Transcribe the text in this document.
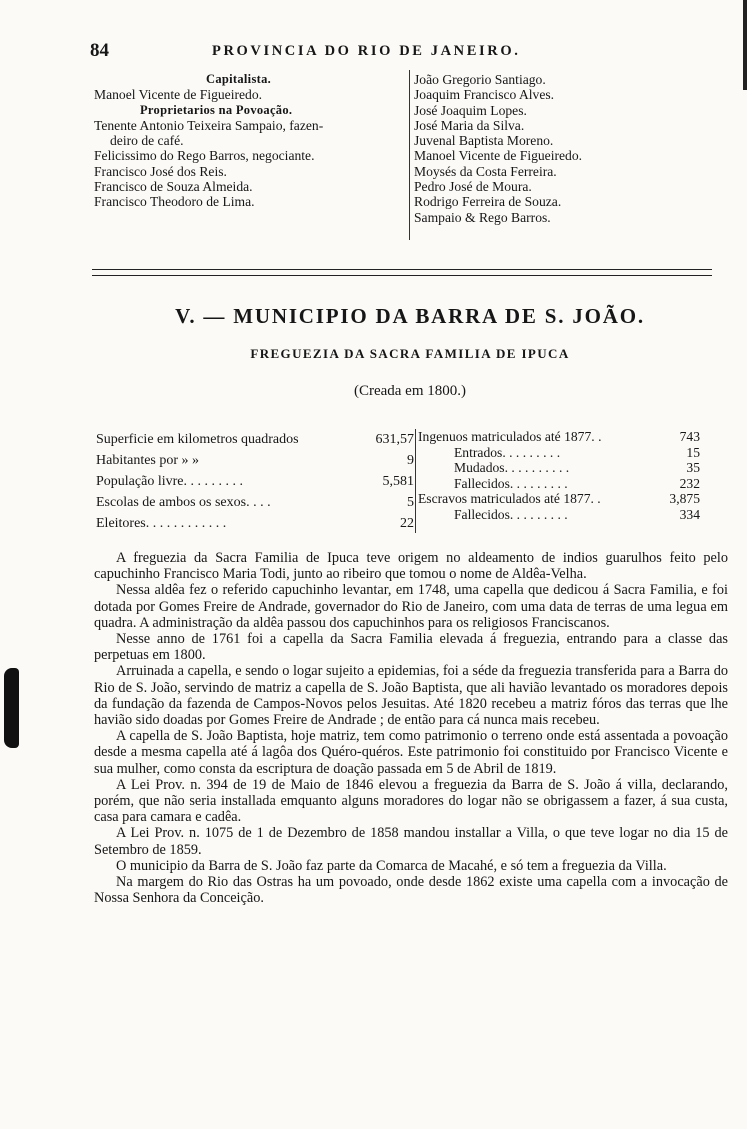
84	PROVINCIA DO RIO DE JANEIRO.
Capitalista.
Manoel Vicente de Figueiredo.
Proprietarios na Povoação.
Tenente Antonio Teixeira Sampaio, fazen-
deiro de café.
Felicissimo do Rego Barros, negociante.
Francisco José dos Reis.
Francisco de Souza Almeida.
Francisco Theodoro de Lima.
João Gregorio Santiago.
Joaquim Francisco Alves.
José Joaquim Lopes.
José Maria da Silva.
Juvenal Baptista Moreno.
Manoel Vicente de Figueiredo.
Moysés da Costa Ferreira.
Pedro José de Moura.
Rodrigo Ferreira de Souza.
Sampaio & Rego Barros.
V. — MUNICIPIO DA BARRA DE S. JOÃO.
FREGUEZIA DA SACRA FAMILIA DE IPUCA
(Creada em 1800.)
Superficie em kilometros quadrados	631,57
Habitantes por » »	9
População livre. . . . . . . . .	5,581
Escolas de ambos os sexos. . . .	5
Eleitores. . . . . . . . . . . .	22
Ingenuos matriculados até 1877. .	743
Entrados. . . . . . . . .	15
Mudados. . . . . . . . . .	35
Fallecidos. . . . . . . . .	232
Escravos matriculados até 1877. .	3,875
Fallecidos. . . . . . . . .	334

A freguezia da Sacra Familia de Ipuca teve origem no aldeamento de indios guarulhos feito pelo capuchinho Francisco Maria Todi, junto ao ribeiro que tomou o nome de Aldêa-Velha.

Nessa aldêa fez o referido capuchinho levantar, em 1748, uma capella que dedicou á Sacra Familia, e foi dotada por Gomes Freire de Andrade, governador do Rio de Janeiro, com uma data de terras de uma legua em quadra. A administração da aldêa passou dos capuchinhos para os religiosos Franciscanos.

Nesse anno de 1761 foi a capella da Sacra Familia elevada á freguezia, entrando para a classe das perpetuas em 1800.

Arruinada a capella, e sendo o logar sujeito a epidemias, foi a séde da freguezia transferida para a Barra do Rio de S. João, servindo de matriz a capella de S. João Baptista, que ali havião levantado os moradores depois da fundação da fazenda de Campos-Novos pelos Jesuitas. Até 1820 recebeu a matriz fóros das terras que lhe havião sido doadas por Gomes Freire de Andrade ; de então para cá nunca mais recebeu.

A capella de S. João Baptista, hoje matriz, tem como patrimonio o terreno onde está assentada a povoação desde a mesma capella até á lagôa dos Quéro-quéros. Este patrimonio foi constituido por Francisco Vicente e sua mulher, como consta da escriptura de doação passada em 5 de Abril de 1819.

A Lei Prov. n. 394 de 19 de Maio de 1846 elevou a freguezia da Barra de S. João á villa, declarando, porém, que não seria installada emquanto alguns moradores do logar não se obrigassem a fazer, á sua custa, casa para camara e cadêa.

A Lei Prov. n. 1075 de 1 de Dezembro de 1858 mandou installar a Villa, o que teve logar no dia 15 de Setembro de 1859.

O municipio da Barra de S. João faz parte da Comarca de Macahé, e só tem a freguezia da Villa.

Na margem do Rio das Ostras ha um povoado, onde desde 1862 existe uma capella com a invocação de Nossa Senhora da Conceição.
